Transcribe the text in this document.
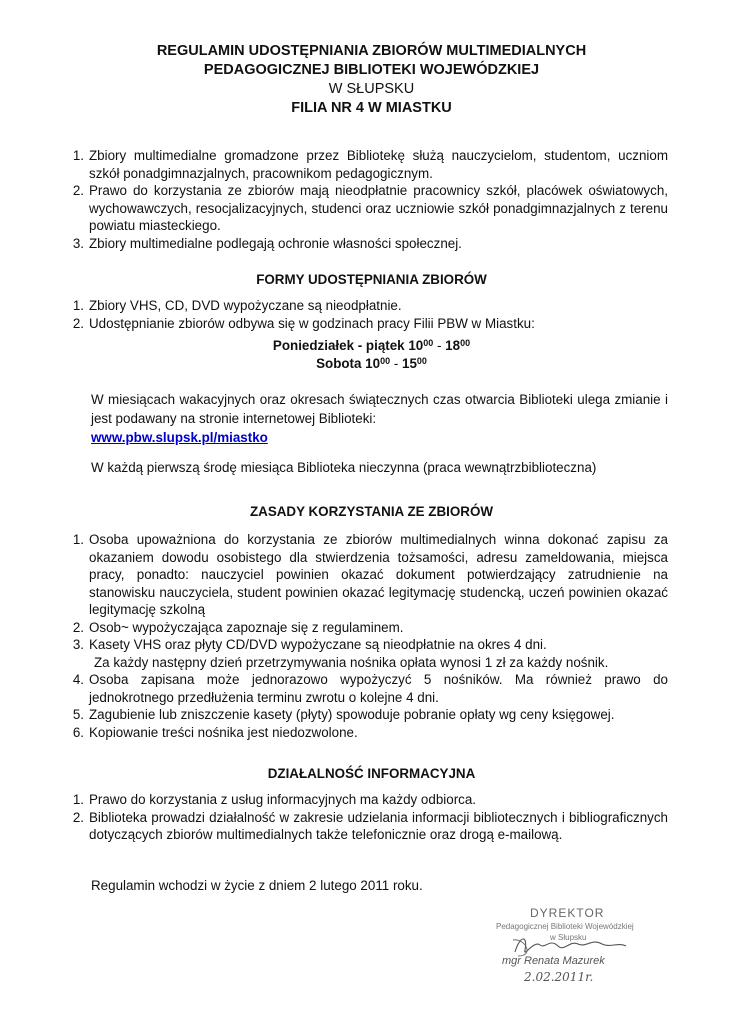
REGULAMIN UDOSTĘPNIANIA ZBIORÓW MULTIMEDIALNYCH
PEDAGOGICZNEJ BIBLIOTEKI WOJEWÓDZKIEJ
W SŁUPSKU
FILIA NR 4 W MIASTKU
1. Zbiory multimedialne gromadzone przez Bibliotekę służą nauczycielom, studentom, uczniom szkół ponadgimnazjalnych, pracownikom pedagogicznym.
2. Prawo do korzystania ze zbiorów mają nieodpłatnie pracownicy szkół, placówek oświatowych, wychowawczych, resocjalizacyjnych, studenci oraz uczniowie szkół ponadgimnazjalnych z terenu powiatu miasteckiego.
3. Zbiory multimedialne podlegają ochronie własności społecznej.
FORMY UDOSTĘPNIANIA ZBIORÓW
1. Zbiory VHS, CD, DVD wypożyczane są nieodpłatnie.
2. Udostępnianie zbiorów odbywa się w godzinach pracy Filii PBW w Miastku:
Poniedziałek - piątek $10^{00} - 18^{00}$
Sobota $10^{00} - 15^{00}$
W miesiącach wakacyjnych oraz okresach świątecznych czas otwarcia Biblioteki ulega zmianie i jest podawany na stronie internetowej Biblioteki:
www.pbw.slupsk.pl/miastko
W każdą pierwszą środę miesiąca Biblioteka nieczynna (praca wewnątrzbiblioteczna)
ZASADY KORZYSTANIA ZE ZBIORÓW
1. Osoba upoważniona do korzystania ze zbiorów multimedialnych winna dokonać zapisu za okazaniem dowodu osobistego dla stwierdzenia tożsamości, adresu zameldowania, miejsca pracy, ponadto: nauczyciel powinien okazać dokument potwierdzający zatrudnienie na stanowisku nauczyciela, student powinien okazać legitymację studencką, uczeń powinien okazać legitymację szkolną
2. Osob~ wypożyczająca zapoznaje się z regulaminem.
3. Kasety VHS oraz płyty CD/DVD wypożyczane są nieodpłatnie na okres 4 dni.
Za każdy następny dzień przetrzymywania nośnika opłata wynosi 1 zł za każdy nośnik.
4. Osoba zapisana może jednorazowo wypożyczyć 5 nośników. Ma również prawo do jednokrotnego przedłużenia terminu zwrotu o kolejne 4 dni.
5. Zagubienie lub zniszczenie kasety (płyty) spowoduje pobranie opłaty wg ceny księgowej.
6. Kopiowanie treści nośnika jest niedozwolone.
DZIAŁALNOŚĆ INFORMACYJNA
1. Prawo do korzystania z usług informacyjnych ma każdy odbiorca.
2. Biblioteka prowadzi działalność w zakresie udzielania informacji bibliotecznych i bibliograficznych dotyczących zbiorów multimedialnych także telefonicznie oraz drogą e-mailową.
Regulamin wchodzi w życie z dniem 2 lutego 2011 roku.
DYREKTOR
Pedagogicznej Biblioteki Wojewódzkiej
w Słupsku
mgr Renata Mazurek
2.02.2011r.
